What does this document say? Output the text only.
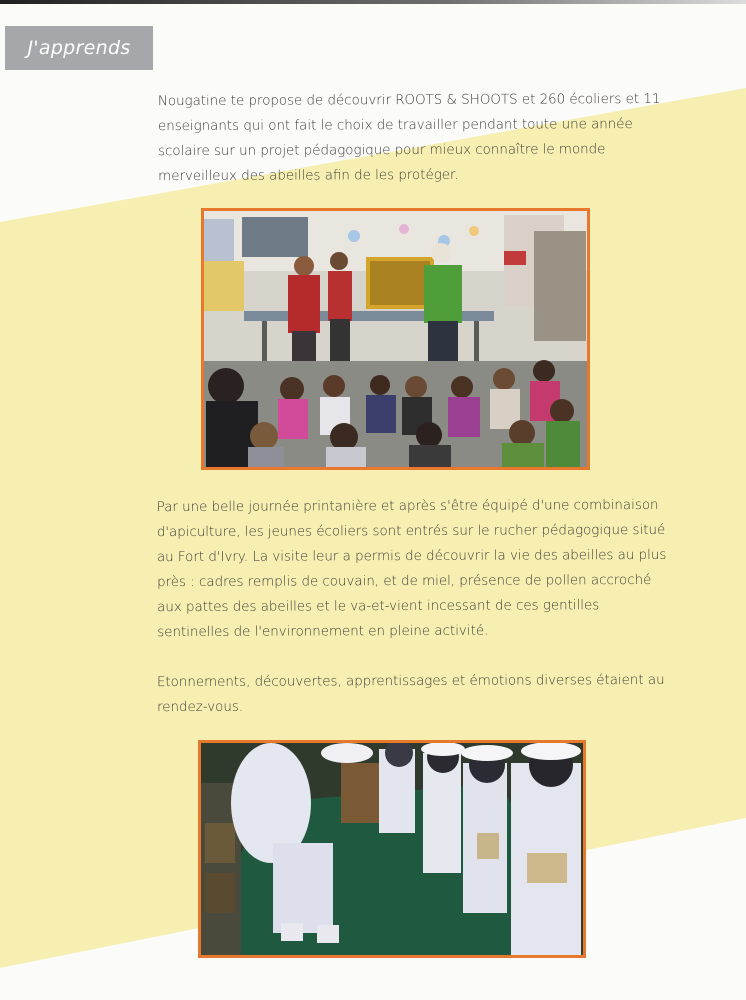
J'apprends

Nougatine te propose de découvrir ROOTS & SHOOTS et 260 écoliers et 11 enseignants qui ont fait le choix de travailler pendant toute une année scolaire sur un projet pédagogique pour mieux connaître le monde merveilleux des abeilles afin de les protéger.

Par une belle journée printanière et après s'être équipé d'une combinaison d'apiculture, les jeunes écoliers sont entrés sur le rucher pédagogique situé au Fort d'Ivry. La visite leur a permis de découvrir la vie des abeilles au plus près : cadres remplis de couvain, et de miel, présence de pollen accroché aux pattes des abeilles et le va-et-vient incessant de ces gentilles sentinelles de l'environnement en pleine activité.

Etonnements, découvertes, apprentissages et émotions diverses étaient au rendez-vous.
